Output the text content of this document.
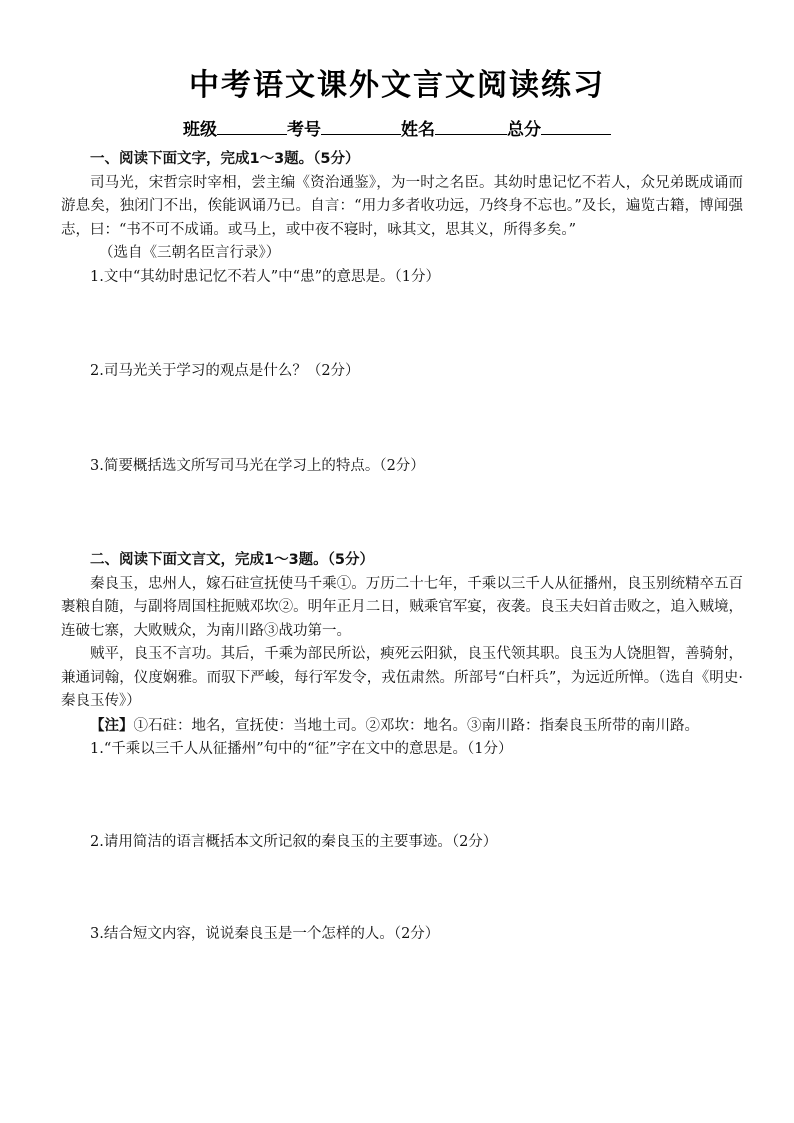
中考语文课外文言文阅读练习
班级	考号	姓名	总分

一、阅读下面文字，完成1～3题。（5分）

司马光，宋哲宗时宰相，尝主编《资治通鉴》，为一时之名臣。其幼时患记忆不若人，众兄弟既成诵而游息矣，独闭门不出，俟能讽诵乃已。自言：“用力多者收功远，乃终身不忘也。”及长，遍览古籍，博闻强志，曰：“书不可不成诵。或马上，或中夜不寝时，咏其文，思其义，所得多矣。”

（选自《三朝名臣言行录》）

1.文中“其幼时患记忆不若人”中“患”的意思是。（1分）

2.司马光关于学习的观点是什么？（2分）

3.简要概括选文所写司马光在学习上的特点。（2分）

二、阅读下面文言文，完成1～3题。（5分）

秦良玉，忠州人，嫁石砫宣抚使马千乘①。万历二十七年，千乘以三千人从征播州，良玉别统精卒五百裹粮自随，与副将周国柱扼贼邓坎②。明年正月二日，贼乘官军宴，夜袭。良玉夫妇首击败之，追入贼境，连破七寨，大败贼众，为南川路③战功第一。

贼平，良玉不言功。其后，千乘为部民所讼，瘐死云阳狱，良玉代领其职。良玉为人饶胆智，善骑射，兼通词翰，仪度娴雅。而驭下严峻，每行军发令，戎伍肃然。所部号“白杆兵”，为远近所惮。（选自《明史·秦良玉传》）

【注】①石砫：地名，宣抚使：当地土司。②邓坎：地名。③南川路：指秦良玉所带的南川路。

1.“千乘以三千人从征播州”句中的“征”字在文中的意思是。（1分）

2.请用简洁的语言概括本文所记叙的秦良玉的主要事迹。（2分）

3.结合短文内容，说说秦良玉是一个怎样的人。（2分）
